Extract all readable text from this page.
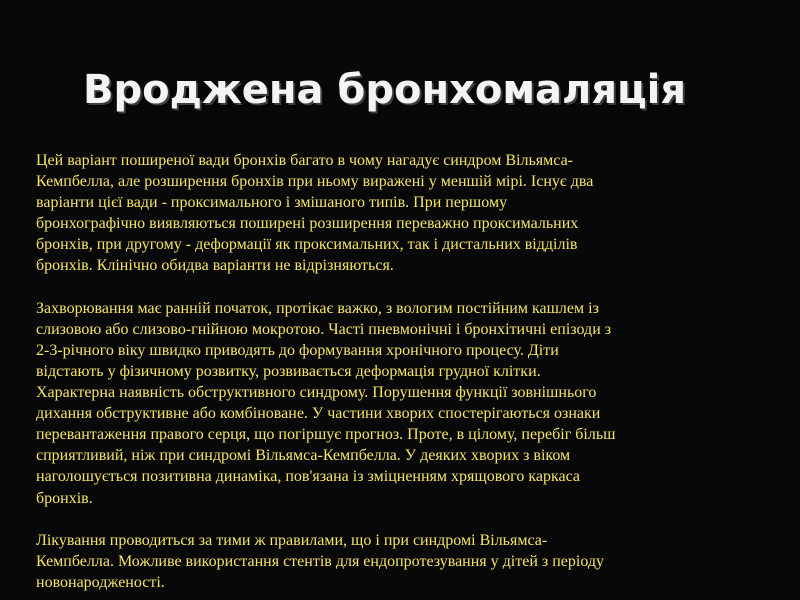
Вроджена бронхомаляція

Цей варіант поширеної вади бронхів багато в чому нагадує синдром Вільямса-
Кемпбелла, але розширення бронхів при ньому виражені у меншій мірі. Існує два
варіанти цієї вади - проксимального і змішаного типів. При першому
бронхографічно виявляються поширені розширення переважно проксимальних
бронхів, при другому - деформації як проксимальних, так і дистальних відділів
бронхів. Клінічно обидва варіанти не відрізняються.

Захворювання має ранній початок, протікає важко, з вологим постійним кашлем із
слизовою або слизово-гнійною мокротою. Часті пневмонічні і бронхітичні епізоди з
2-3-річного віку швидко приводять до формування хронічного процесу. Діти
відстають у фізичному розвитку, розвивається деформація грудної клітки.
Характерна наявність обструктивного синдрому. Порушення функції зовнішнього
дихання обструктивне або комбіноване. У частини хворих спостерігаються ознаки
перевантаження правого серця, що погіршує прогноз. Проте, в цілому, перебіг більш
сприятливий, ніж при синдромі Вільямса-Кемпбелла. У деяких хворих з віком
наголошується позитивна динаміка, пов'язана із зміцненням хрящового каркаса
бронхів.

Лікування проводиться за тими ж правилами, що і при синдромі Вільямса-
Кемпбелла. Можливе використання стентів для ендопротезування у дітей з періоду
новонародженості.
